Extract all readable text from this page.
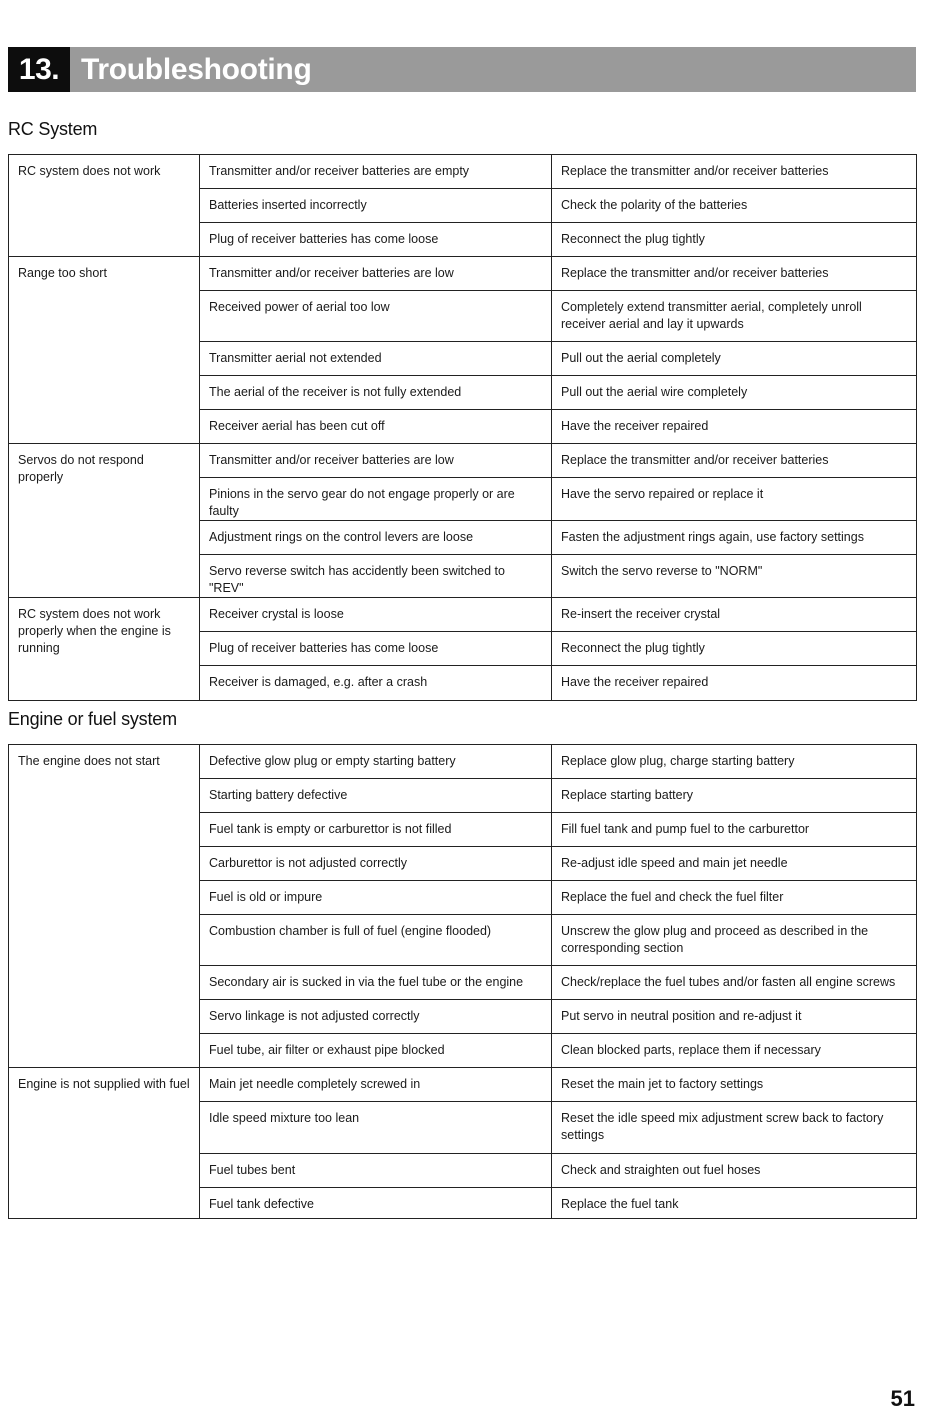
13. Troubleshooting
RC System
RC system does not work	Transmitter and/or receiver batteries are empty	Replace the transmitter and/or receiver batteries
	Batteries inserted incorrectly	Check the polarity of the batteries
	Plug of receiver batteries has come loose	Reconnect the plug tightly
Range too short	Transmitter and/or receiver batteries are low	Replace the transmitter and/or receiver batteries
	Received power of aerial too low	Completely extend transmitter aerial, completely unroll receiver aerial and lay it upwards
	Transmitter aerial not extended	Pull out the aerial completely
	The aerial of the receiver is not fully extended	Pull out the aerial wire completely
	Receiver aerial has been cut off	Have the receiver repaired
Servos do not respond properly	Transmitter and/or receiver batteries are low	Replace the transmitter and/or receiver batteries
	Pinions in the servo gear do not engage properly or are faulty	Have the servo repaired or replace it
	Adjustment rings on the control levers are loose	Fasten the adjustment rings again, use factory settings
	Servo reverse switch has accidently been switched to "REV"	Switch the servo reverse to "NORM"
RC system does not work properly when the engine is running	Receiver crystal is loose	Re-insert the receiver crystal
	Plug of receiver batteries has come loose	Reconnect the plug tightly
	Receiver is damaged, e.g. after a crash	Have the receiver repaired
Engine or fuel system
The engine does not start	Defective glow plug or empty starting battery	Replace glow plug, charge starting battery
	Starting battery defective	Replace starting battery
	Fuel tank is empty or carburettor is not filled	Fill fuel tank and pump fuel to the carburettor
	Carburettor is not adjusted correctly	Re-adjust idle speed and main jet needle
	Fuel is old or impure	Replace the fuel and check the fuel filter
	Combustion chamber is full of fuel (engine flooded)	Unscrew the glow plug and proceed as described in the corresponding section
	Secondary air is sucked in via the fuel tube or the engine	Check/replace the fuel tubes and/or fasten all engine screws
	Servo linkage is not adjusted correctly	Put servo in neutral position and re-adjust it
	Fuel tube, air filter or exhaust pipe blocked	Clean blocked parts, replace them if necessary
Engine is not supplied with fuel	Main jet needle completely screwed in	Reset the main jet to factory settings
	Idle speed mixture too lean	Reset the idle speed mix adjustment screw back to factory settings
	Fuel tubes bent	Check and straighten out fuel hoses
	Fuel tank defective	Replace the fuel tank
51
